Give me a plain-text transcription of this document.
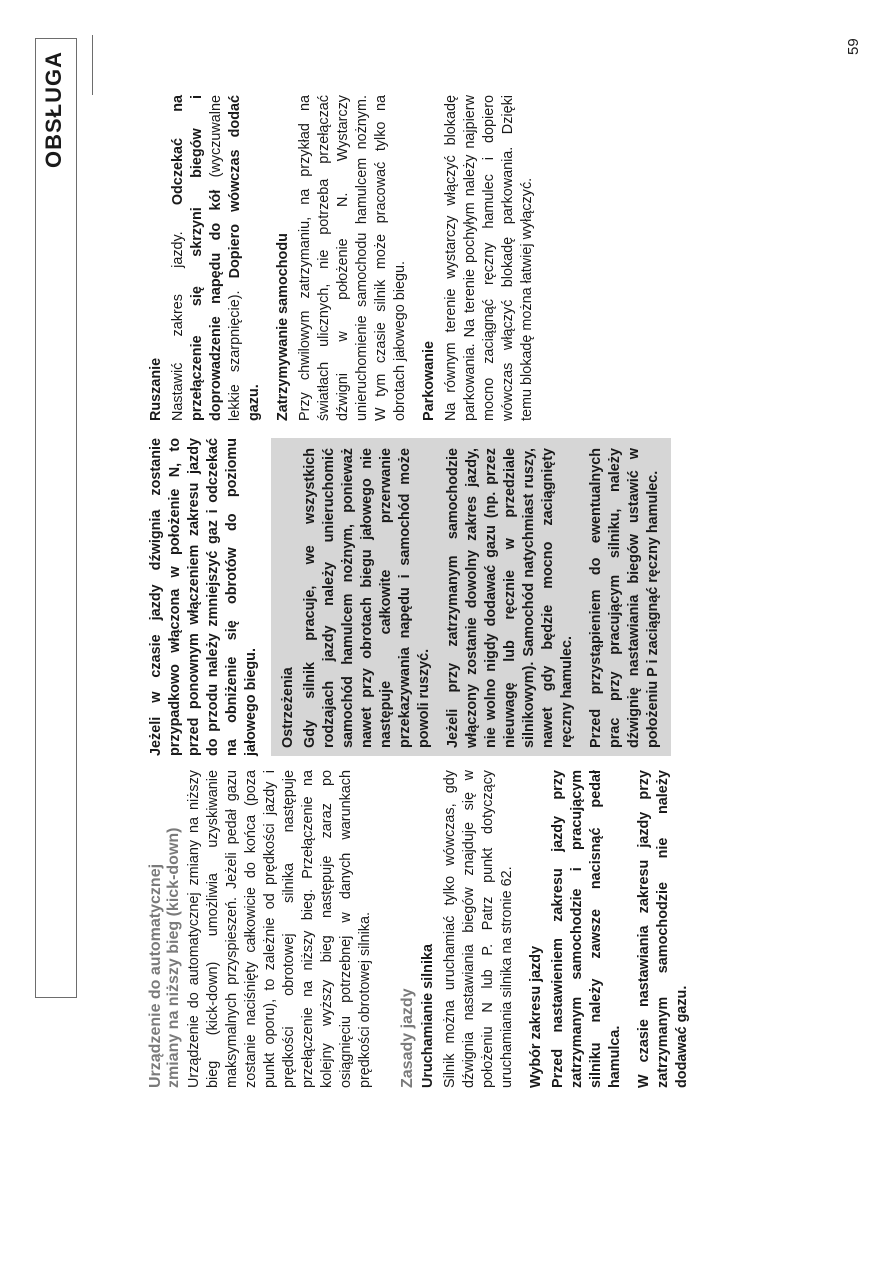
OBSŁUGA
Urządzenie do automatycznej
zmiany na niższy bieg (kick-down) Urządzenie do automatycznej zmiany na niższy bieg (kick-down) umożliwia uzyskiwanie maksymalnych przyspieszeń. Jeżeli pedał gazu zostanie naciśnięty całkowicie do końca (poza punkt oporu), to zależnie od prędkości jazdy i prędkości obrotowej silnika następuje przełączenie na niższy bieg. Przełączenie na kolejny wyższy bieg następuje zaraz po osiągnięciu potrzebnej w danych warunkach prędkości obrotowej silnika. Zasady jazdy Uruchamianie silnika Silnik można uruchamiać tylko wówczas, gdy dźwignia nastawiania biegów znajduje się w położeniu N lub P. Patrz punkt dotyczący uruchamiania silnika na stronie 62. Wybór zakresu jazdy Przed nastawieniem zakresu jazdy przy zatrzymanym samochodzie i pracującym silniku należy zawsze nacisnąć pedał hamulca. W czasie nastawiania zakresu jazdy przy zatrzymanym samochodzie nie należy dodawać gazu.

Jeżeli w czasie jazdy dźwignia zostanie przypadkowo włączona w położenie N, to przed ponownym włączeniem zakresu jazdy do przodu należy zmniejszyć gaz i odczekać na obniżenie się obrotów do poziomu jałowego biegu. Ostrzeżenia Gdy silnik pracuje, we wszystkich rodzajach jazdy należy unieruchomić samochód hamulcem nożnym, ponieważ nawet przy obrotach biegu jałowego nie następuje całkowite przerwanie przekazywania napędu i samochód może powoli ruszyć. Jeżeli przy zatrzymanym samochodzie włączony zostanie dowolny zakres jazdy, nie wolno nigdy dodawać gazu (np. przez nieuwagę lub ręcznie w przedziale silnikowym). Samochód natychmiast ruszy, nawet gdy będzie mocno zaciągnięty ręczny hamulec. Przed przystąpieniem do ewentualnych prac przy pracującym silniku, należy dźwignię nastawiania biegów ustawić w położeniu P i zaciągnąć ręczny hamulec.

Ruszanie Nastawić zakres jazdy. Odczekać na przełączenie się skrzyni biegów i doprowadzenie napędu do kół (wyczuwalne lekkie szarpnięcie). Dopiero wówczas dodać gazu. Zatrzymywanie samochodu Przy chwilowym zatrzymaniu, na przykład na światłach ulicznych, nie potrzeba przełączać dźwigni w położenie N. Wystarczy unieruchomienie samochodu hamulcem nożnym. W tym czasie silnik może pracować tylko na obrotach jałowego biegu. Parkowanie Na równym terenie wystarczy włączyć blokadę parkowania. Na terenie pochyłym należy najpierw mocno zaciągnąć ręczny hamulec i dopiero wówczas włączyć blokadę parkowania. Dzięki temu blokadę można łatwiej wyłączyć.

59
